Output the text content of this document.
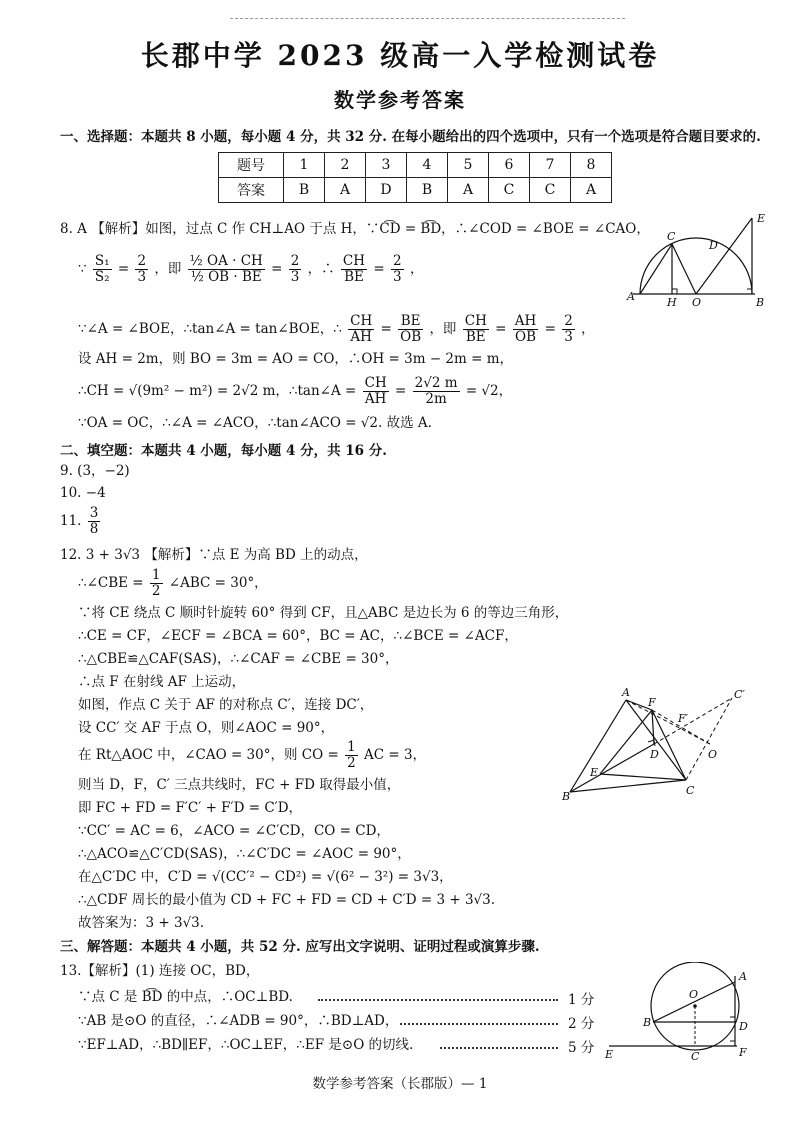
长郡中学 2023 级高一入学检测试卷
数学参考答案
一、选择题：本题共 8 小题，每小题 4 分，共 32 分. 在每小题给出的四个选项中，只有一个选项是符合题目要求的.
题号	1	2	3	4	5	6	7	8
答案	B	A	D	B	A	C	C	A
8. A 【解析】如图，过点 C 作 CH⊥AO 于点 H，∵C͡D = B͡D，∴∠COD = ∠BOE = ∠CAO，
∵ $\frac{\text{S₁}}{\text{S₂}} = \frac{2}{3}$ ，即 $\frac{\text{½ OA · CH}}{\text{½ OB · BE}} = \frac{2}{3}$ ，∴ $\frac{CH}{BE} = \frac{2}{3}$ ，
∵∠A = ∠BOE，∴tan∠A = tan∠BOE，∴ $\frac{CH}{AH} = \frac{BE}{OB}$ ，即 $\frac{CH}{BE} = \frac{AH}{OB} = \frac{2}{3}$ ，
设 AH = 2m，则 BO = 3m = AO = CO，∴OH = 3m − 2m = m，
∴CH = √(9m² − m²) = 2√2 m，∴tan∠A = $\frac{CH}{AH} = \frac{2√2 m}{2m} = √2$，
∵OA = OC，∴∠A = ∠ACO，∴tan∠ACO = √2. 故选 A.
E
C
D
A	H O	B
二、填空题：本题共 4 小题，每小题 4 分，共 16 分.
9. (3，−2)
10. −4
11. $\frac{3}{8}$
12. 3 + 3√3 【解析】∵点 E 为高 BD 上的动点，
∴∠CBE = $\frac{1}{2}$ ∠ABC = 30°，
∵将 CE 绕点 C 顺时针旋转 60° 得到 CF，且△ABC 是边长为 6 的等边三角形，
∴CE = CF，∠ECF = ∠BCA = 60°，BC = AC，∴∠BCE = ∠ACF，
∴△CBE≌△CAF(SAS)，∴∠CAF = ∠CBE = 30°，
∴点 F 在射线 AF 上运动，
如图，作点 C 关于 AF 的对称点 C′，连接 DC′，
设 CC′ 交 AF 于点 O，则∠AOC = 90°，
在 Rt△AOC 中，∠CAO = 30°，则 CO = $\frac{1}{2}$ AC = 3，
则当 D，F，C′ 三点共线时，FC + FD 取得最小值，
即 FC + FD = F′C′ + F′D = C′D，
∵CC′ = AC = 6，∠ACO = ∠C′CD，CO = CD，
∴△ACO≌△C′CD(SAS)，∴∠C′DC = ∠AOC = 90°，
在△C′DC 中，C′D = √(CC′² − CD²) = √(6² − 3²) = 3√3，
∴△CDF 周长的最小值为 CD + FC + FD = CD + C′D = 3 + 3√3.
故答案为：3 + 3√3.
A	C′
F
F′
D	O
E
B	C
三、解答题：本题共 4 小题，共 52 分. 应写出文字说明、证明过程或演算步骤.
13.【解析】(1) 连接 OC，BD，
∵点 C 是 B͡D 的中点，∴OC⊥BD.	1 分
∵AB 是⊙O 的直径，∴∠ADB = 90°，∴BD⊥AD，	2 分
∵EF⊥AD，∴BD∥EF，∴OC⊥EF，∴EF 是⊙O 的切线.	5 分
A
O
B	D
E	C	F
数学参考答案（长郡版）— 1
